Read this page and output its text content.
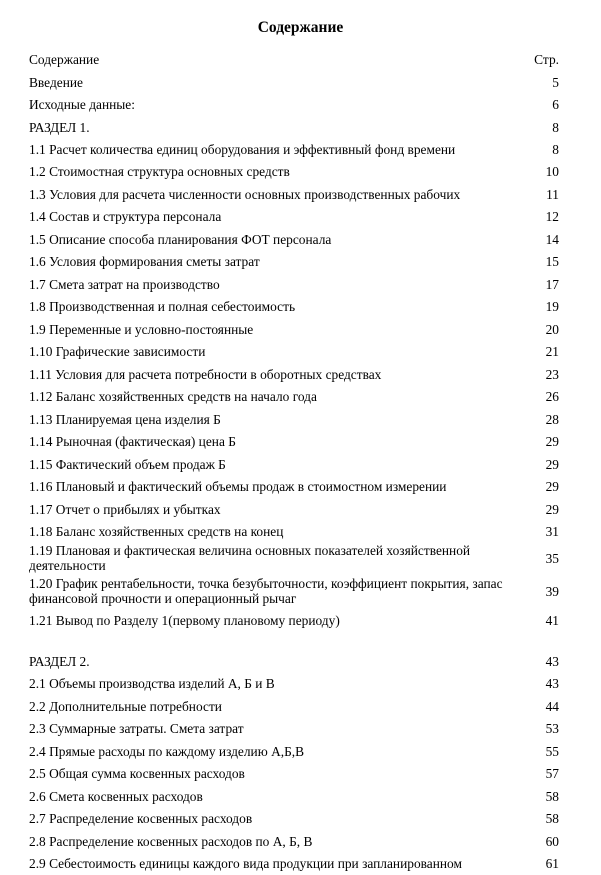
Содержание
Содержание	Стр.
Введение	5
Исходные данные:	6
РАЗДЕЛ 1.	8
1.1 Расчет количества единиц оборудования и эффективный фонд времени	8
1.2 Стоимостная структура основных средств	10
1.3 Условия для расчета численности основных производственных рабочих	11
1.4 Состав и структура персонала	12
1.5 Описание способа планирования ФОТ персонала	14
1.6 Условия формирования сметы затрат	15
1.7 Смета затрат на производство	17
1.8 Производственная и полная себестоимость	19
1.9 Переменные и условно-постоянные	20
1.10 Графические зависимости	21
1.11 Условия для расчета потребности в оборотных средствах	23
1.12 Баланс хозяйственных средств на начало года	26
1.13 Планируемая цена изделия Б	28
1.14 Рыночная (фактическая) цена Б	29
1.15 Фактический объем продаж Б	29
1.16 Плановый и фактический объемы продаж в стоимостном измерении	29
1.17 Отчет о прибылях и убытках	29
1.18 Баланс хозяйственных средств на конец	31
1.19 Плановая и фактическая величина основных показателей хозяйственной деятельности	35
1.20 График рентабельности, точка безубыточности, коэффициент покрытия, запас финансовой прочности и операционный рычаг	39
1.21 Вывод по Разделу 1(первому плановому периоду)	41
РАЗДЕЛ 2.	43
2.1 Объемы производства изделий А, Б и В	43
2.2 Дополнительные потребности	44
2.3 Суммарные затраты. Смета затрат	53
2.4 Прямые расходы по каждому изделию А,Б,В	55
2.5 Общая сумма косвенных расходов	57
2.6 Смета косвенных расходов	58
2.7 Распределение косвенных расходов	58
2.8 Распределение косвенных расходов по А, Б, В	60
2.9 Себестоимость единицы каждого вида продукции при запланированном	61
